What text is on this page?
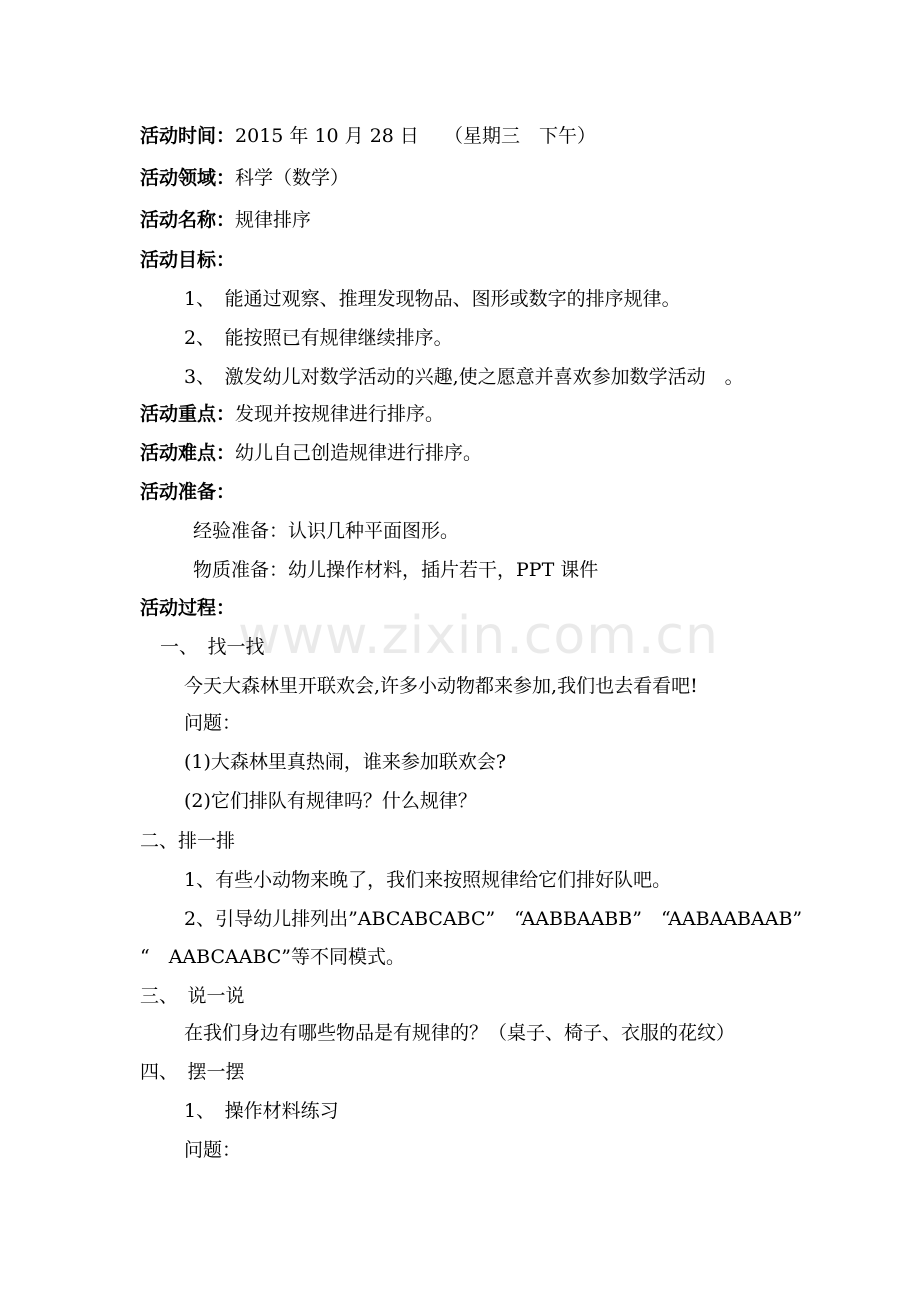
www.zixin.com.cn
活动时间：2015 年 10 月 28 日　 （星期三　下午）
活动领域：科学（数学）
活动名称：规律排序
活动目标：
1、　能通过观察、推理发现物品、图形或数字的排序规律。
2、　能按照已有规律继续排序。
3、　激发幼儿对数学活动的兴趣,使之愿意并喜欢参加数学活动　。
活动重点：发现并按规律进行排序。
活动难点：幼儿自己创造规律进行排序。
活动准备：
经验准备：认识几种平面图形。
物质准备：幼儿操作材料，插片若干，PPT 课件
活动过程：
一、　找一找
今天大森林里开联欢会,许多小动物都来参加,我们也去看看吧!
问题：
(1)大森林里真热闹，谁来参加联欢会?
(2)它们排队有规律吗？什么规律？
二、排一排
1、有些小动物来晚了，我们来按照规律给它们排好队吧。
2、引导幼儿排列出”ABCABCABC”　“AABBAABB”　“AABAABAAB”
“　AABCAABC”等不同模式。
三、　说一说
在我们身边有哪些物品是有规律的？（桌子、椅子、衣服的花纹）
四、　摆一摆
1、　操作材料练习
问题：
